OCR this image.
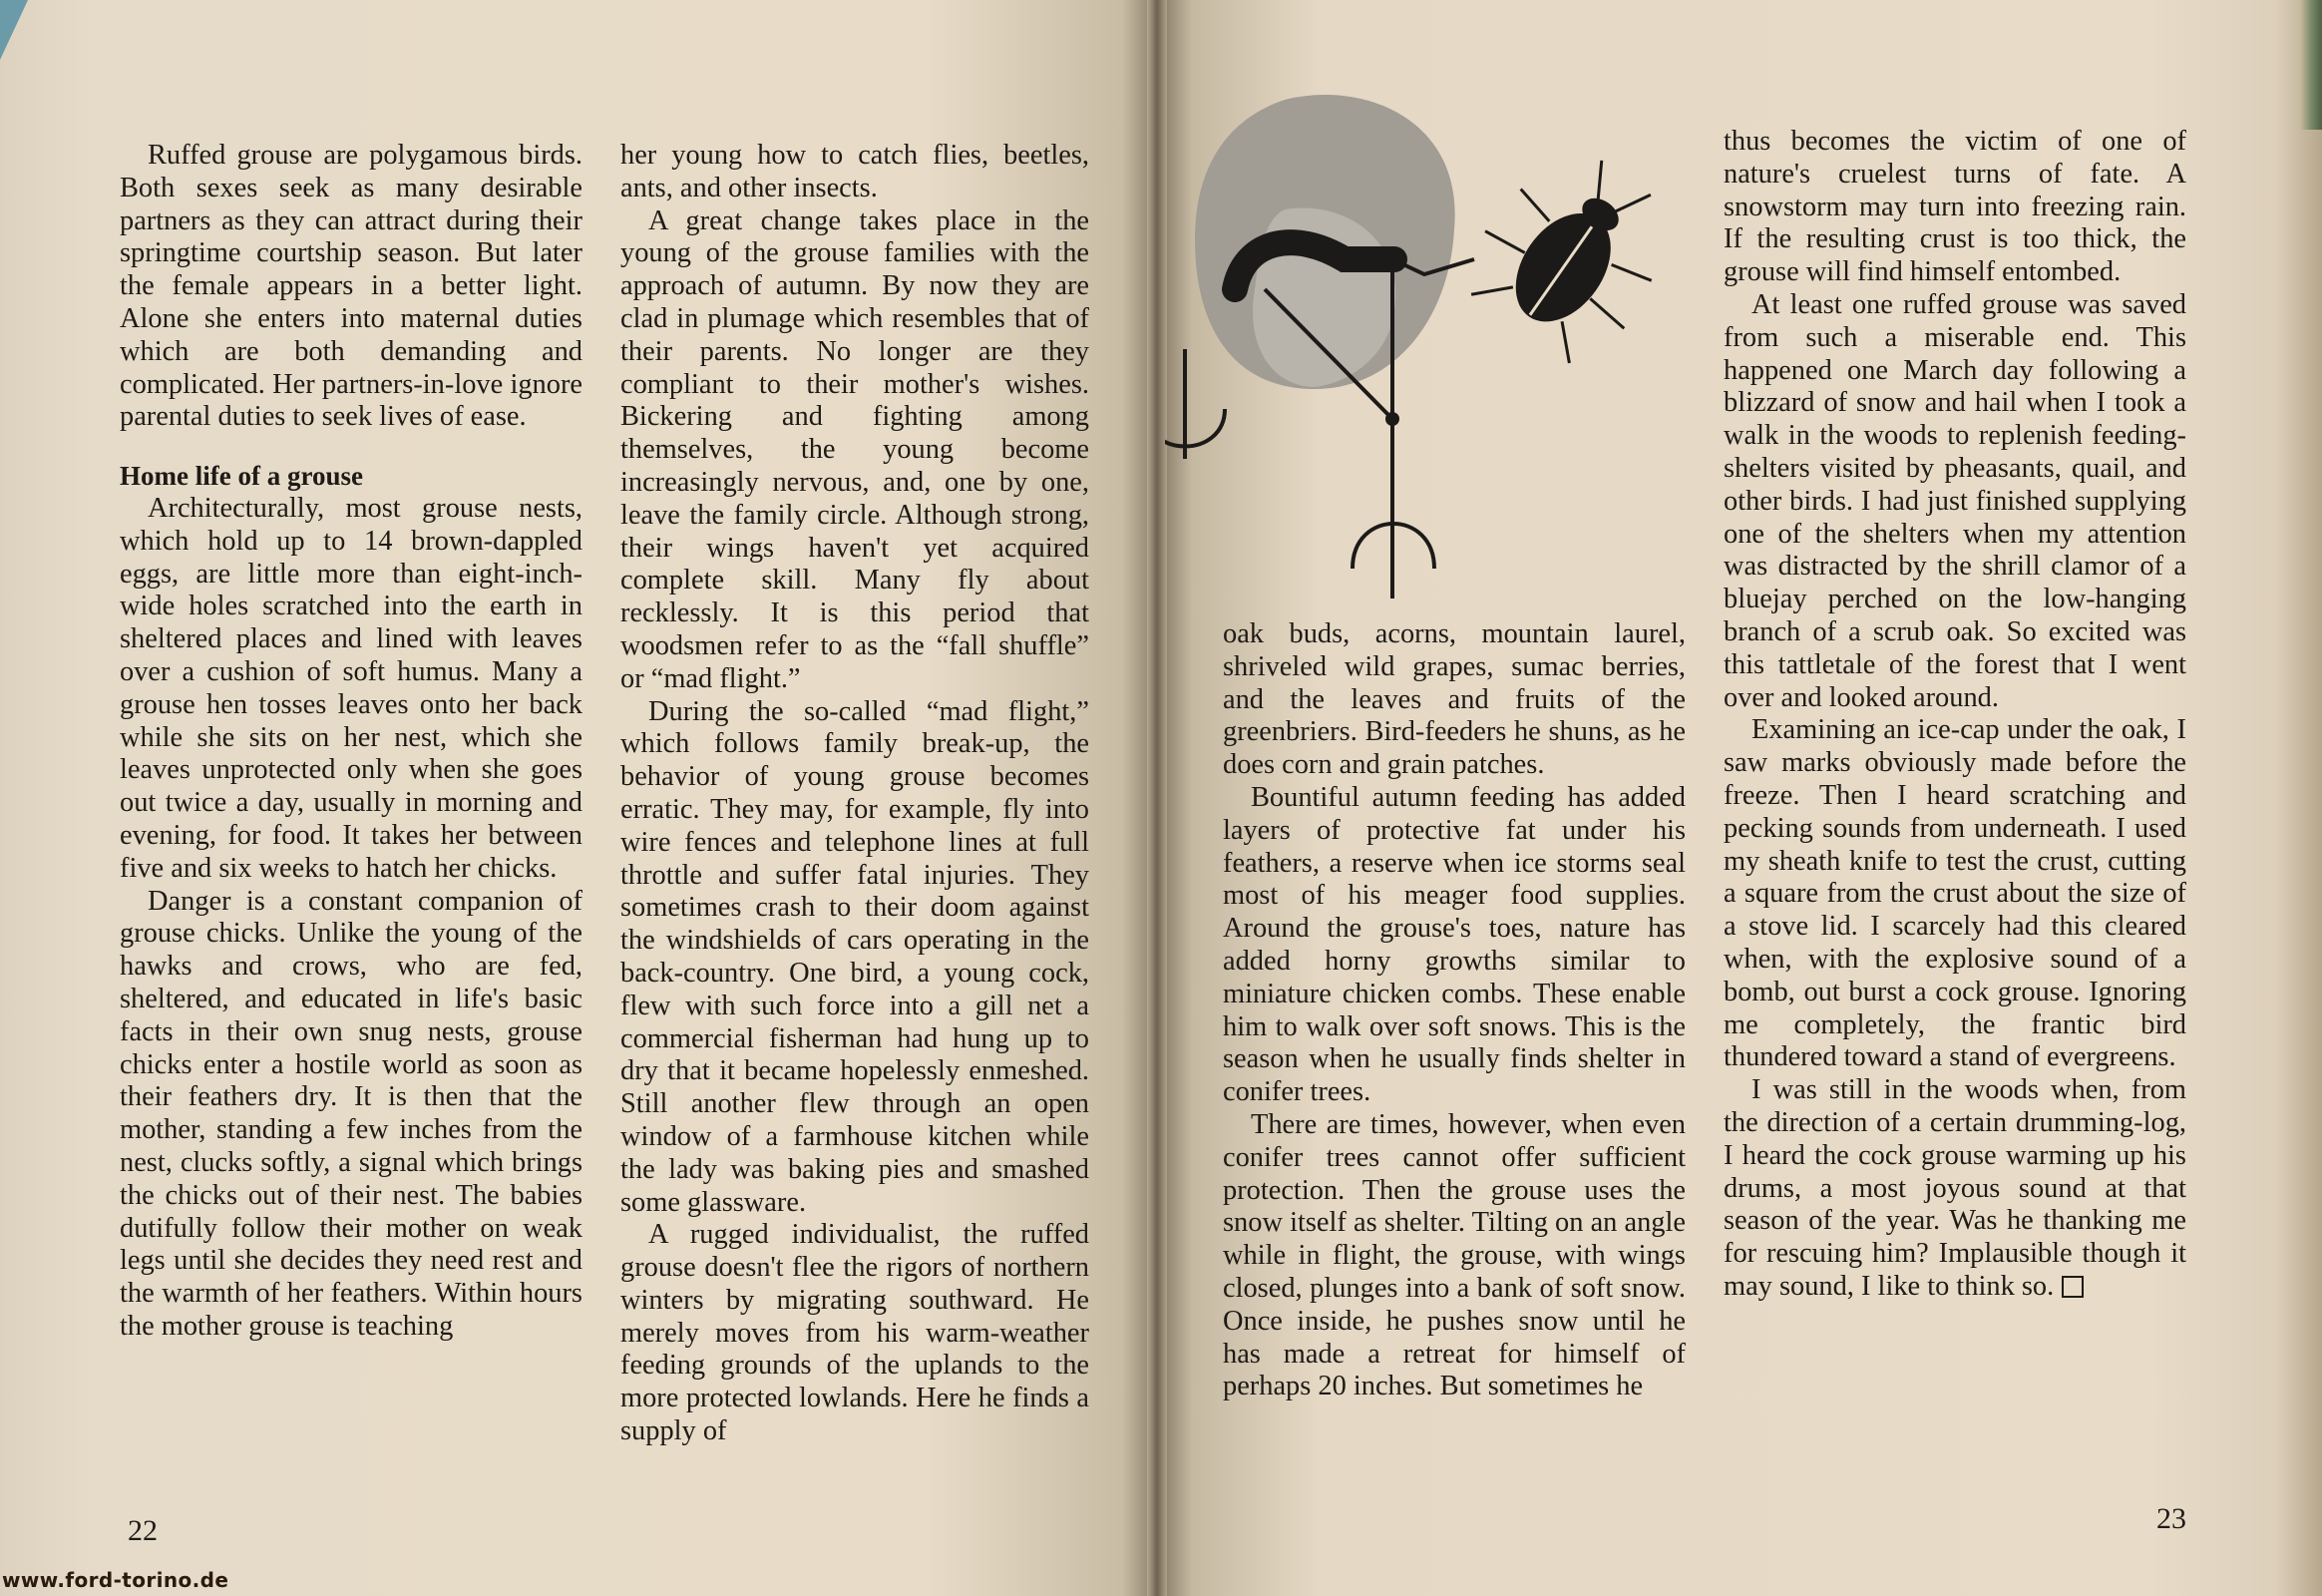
Ruffed grouse are polygamous birds. Both sexes seek as many desirable partners as they can attract during their springtime courtship season. But later the female appears in a better light. Alone she enters into maternal duties which are both demanding and complicated. Her partners-in-love ignore parental duties to seek lives of ease.

Home life of a grouse

Architecturally, most grouse nests, which hold up to 14 brown-dappled eggs, are little more than eight-inch-wide holes scratched into the earth in sheltered places and lined with leaves over a cushion of soft humus. Many a grouse hen tosses leaves onto her back while she sits on her nest, which she leaves unprotected only when she goes out twice a day, usually in morning and evening, for food. It takes her between five and six weeks to hatch her chicks.

Danger is a constant companion of grouse chicks. Unlike the young of the hawks and crows, who are fed, sheltered, and educated in life's basic facts in their own snug nests, grouse chicks enter a hostile world as soon as their feathers dry. It is then that the mother, standing a few inches from the nest, clucks softly, a signal which brings the chicks out of their nest. The babies dutifully follow their mother on weak legs until she decides they need rest and the warmth of her feathers. Within hours the mother grouse is teaching

her young how to catch flies, beetles, ants, and other insects.

A great change takes place in the young of the grouse families with the approach of autumn. By now they are clad in plumage which resembles that of their parents. No longer are they compliant to their mother's wishes. Bickering and fighting among themselves, the young become increasingly nervous, and, one by one, leave the family circle. Although strong, their wings haven't yet acquired complete skill. Many fly about recklessly. It is this period that woodsmen refer to as the “fall shuffle” or “mad flight.”

During the so-called “mad flight,” which follows family break-up, the behavior of young grouse becomes erratic. They may, for example, fly into wire fences and telephone lines at full throttle and suffer fatal injuries. They sometimes crash to their doom against the windshields of cars operating in the back-country. One bird, a young cock, flew with such force into a gill net a commercial fisherman had hung up to dry that it became hopelessly enmeshed. Still another flew through an open window of a farmhouse kitchen while the lady was baking pies and smashed some glassware.

A rugged individualist, the ruffed grouse doesn't flee the rigors of northern winters by migrating southward. He merely moves from his warm-weather feeding grounds of the uplands to the more protected lowlands. Here he finds a supply of

22
www.ford-torino.de

oak buds, acorns, mountain laurel, shriveled wild grapes, sumac berries, and the leaves and fruits of the greenbriers. Bird-feeders he shuns, as he does corn and grain patches.

Bountiful autumn feeding has added layers of protective fat under his feathers, a reserve when ice storms seal most of his meager food supplies. Around the grouse's toes, nature has added horny growths similar to miniature chicken combs. These enable him to walk over soft snows. This is the season when he usually finds shelter in conifer trees.

There are times, however, when even conifer trees cannot offer sufficient protection. Then the grouse uses the snow itself as shelter. Tilting on an angle while in flight, the grouse, with wings closed, plunges into a bank of soft snow. Once inside, he pushes snow until he has made a retreat for himself of perhaps 20 inches. But sometimes he

thus becomes the victim of one of nature's cruelest turns of fate. A snowstorm may turn into freezing rain. If the resulting crust is too thick, the grouse will find himself entombed.

At least one ruffed grouse was saved from such a miserable end. This happened one March day following a blizzard of snow and hail when I took a walk in the woods to replenish feeding-shelters visited by pheasants, quail, and other birds. I had just finished supplying one of the shelters when my attention was distracted by the shrill clamor of a bluejay perched on the low-hanging branch of a scrub oak. So excited was this tattletale of the forest that I went over and looked around.

Examining an ice-cap under the oak, I saw marks obviously made before the freeze. Then I heard scratching and pecking sounds from underneath. I used my sheath knife to test the crust, cutting a square from the crust about the size of a stove lid. I scarcely had this cleared when, with the explosive sound of a bomb, out burst a cock grouse. Ignoring me completely, the frantic bird thundered toward a stand of evergreens.

I was still in the woods when, from the direction of a certain drumming-log, I heard the cock grouse warming up his drums, a most joyous sound at that season of the year. Was he thanking me for rescuing him? Implausible though it may sound, I like to think so.

23
